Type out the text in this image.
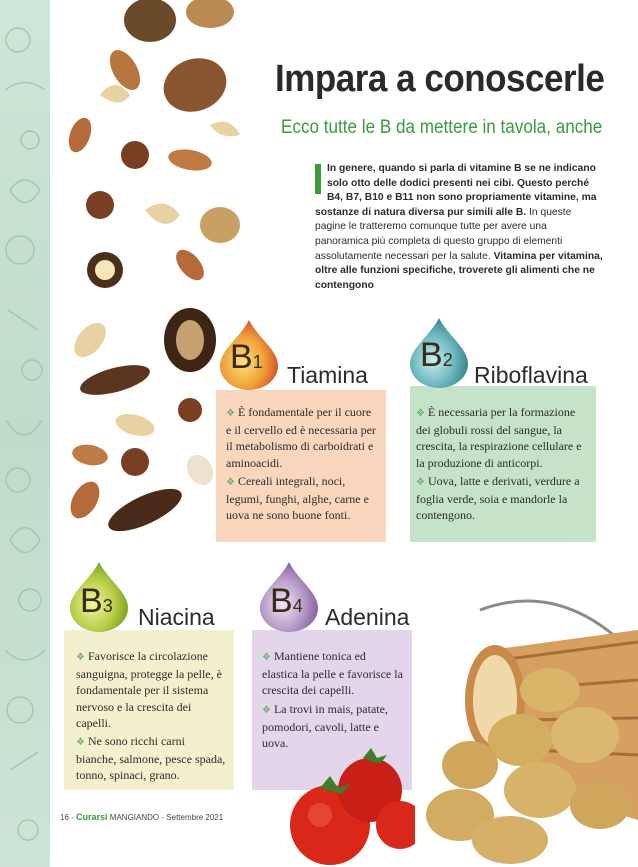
Impara a conoscerle
Ecco tutte le B da mettere in tavola, anche
In genere, quando si parla di vitamine B se ne indicano solo otto delle dodici presenti nei cibi. Questo perché B4, B7, B10 e B11 non sono propriamente vitamine, ma sostanze di natura diversa pur simili alle B. In queste pagine le tratteremo comunque tutte per avere una panoramica più completa di questo gruppo di elementi assolutamente necessari per la salute. Vitamina per vitamina, oltre alle funzioni specifiche, troverete gli alimenti che ne contengono

❖ È fondamentale per il cuore e il cervello ed è necessaria per il metabolismo di carboidrati e aminoacidi.

❖ Cereali integrali, noci, legumi, funghi, alghe, carne e uova ne sono buone fonti.

B1 Tiamina

❖ È necessaria per la formazione dei globuli rossi del sangue, la crescita, la respirazione cellulare e la produzione di anticorpi.

❖ Uova, latte e derivati, verdure a foglia verde, soia e mandorle la contengono.

B2
Riboflavina

❖ Favorisce la circolazione sanguigna, protegge la pelle, è fondamentale per il sistema nervoso e la crescita dei capelli.

❖ Ne sono ricchi carni bianche, salmone, pesce spada, tonno, spinaci, grano.

B3 Niacina

❖ Mantiene tonica ed elastica la pelle e favorisce la crescita dei capelli.

❖ La trovi in mais, patate, pomodori, cavoli, latte e uova.

B4 Adenina
16 - Curarsi MANGIANDO - Settembre 2021
